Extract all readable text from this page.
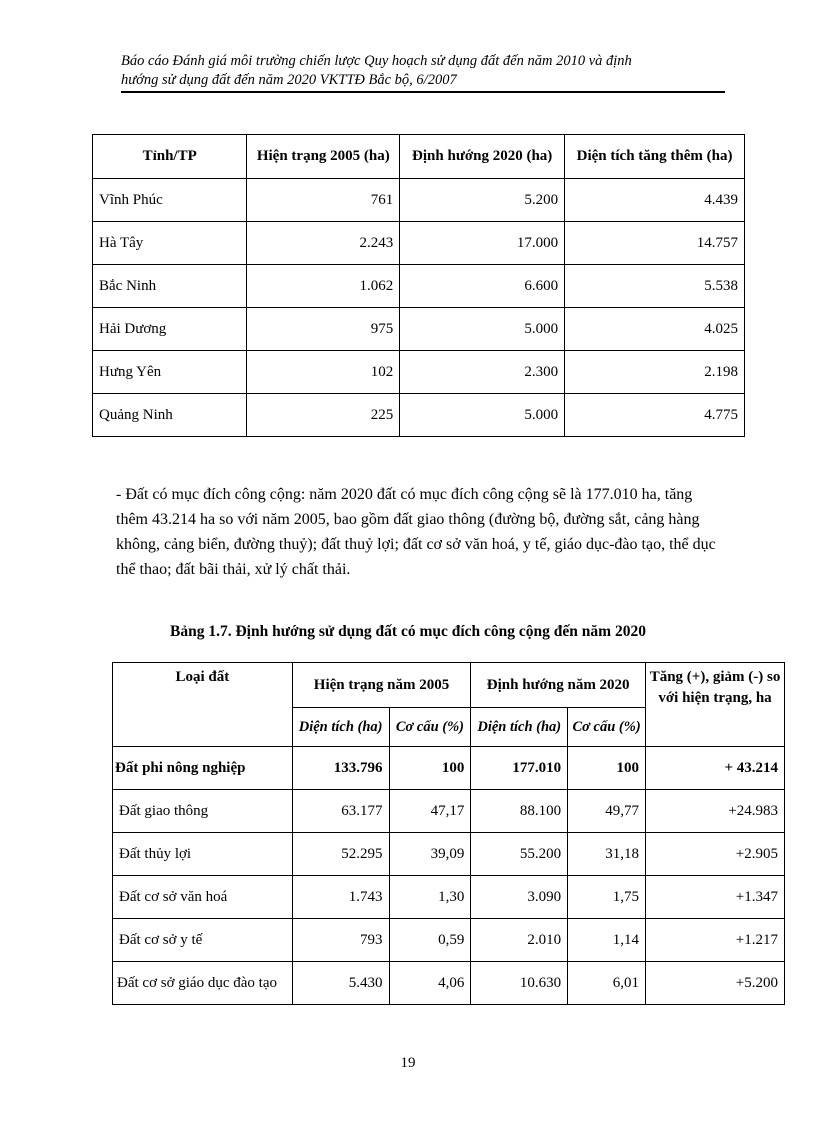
Báo cáo Đánh giá môi trường chiến lược Quy hoạch sử dụng đất đến năm 2010 và định
hướng sử dụng đất đến năm 2020 VKTTĐ Bắc bộ, 6/2007
Tỉnh/TP	Hiện trạng 2005 (ha)	Định hướng 2020 (ha)	Diện tích tăng thêm (ha)
Vĩnh Phúc	761	5.200	4.439
Hà Tây	2.243	17.000	14.757
Bắc Ninh	1.062	6.600	5.538
Hải Dương	975	5.000	4.025
Hưng Yên	102	2.300	2.198
Quảng Ninh	225	5.000	4.775
- Đất có mục đích công cộng: năm 2020 đất có mục đích công cộng sẽ là 177.010 ha, tăng thêm 43.214 ha so với năm 2005, bao gồm đất giao thông (đường bộ, đường sắt, cảng hàng không, cảng biển, đường thuỷ); đất thuỷ lợi; đất cơ sở văn hoá, y tế, giáo dục-đào tạo, thể dục thể thao; đất bãi thải, xử lý chất thải.
Bảng 1.7. Định hướng sử dụng đất có mục đích công cộng đến năm 2020
Loại đất	Hiện trạng năm 2005		Định hướng năm 2020		Tăng (+), giảm (-) so
với hiện trạng, ha

	Diện tích (ha)	Cơ cấu (%)	Diện tích (ha)	Cơ cấu (%)	
Đất phi nông nghiệp	133.796	100	177.010	100	+ 43.214
Đất giao thông	63.177	47,17	88.100	49,77	+24.983
Đất thủy lợi	52.295	39,09	55.200	31,18	+2.905
Đất cơ sở văn hoá	1.743	1,30	3.090	1,75	+1.347
Đất cơ sở y tế	793	0,59	2.010	1,14	+1.217
Đất cơ sở giáo dục đào tạo	5.430	4,06	10.630	6,01	+5.200
19
